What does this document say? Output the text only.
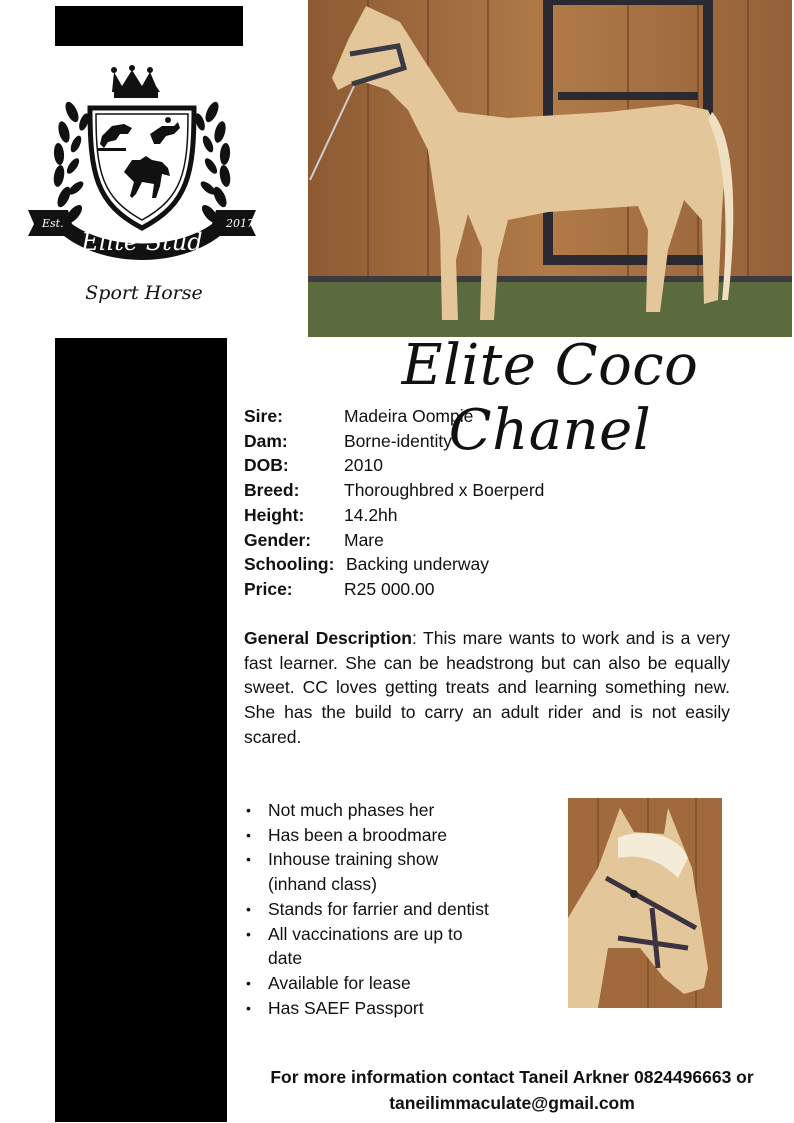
Est.	2017
Elite Stud
Sport Horse
Elite Coco Chanel
Sire:	Madeira Oompie
Dam:	Borne-identity
DOB:	2010
Breed:	Thoroughbred x Boerperd
Height:	14.2hh
Gender:	Mare
Schooling: Backing underway
Price:	R25 000.00
General Description: This mare wants to work and is a very fast learner. She can be headstrong but can also be equally sweet. CC loves getting treats and learning something new. She has the build to carry an adult rider and is not easily scared.
• Not much phases her
• Has been a broodmare
• Inhouse training show (inhand class)
• Stands for farrier and dentist
• All vaccinations are up to date
• Available for lease
• Has SAEF Passport
For more information contact Taneil Arkner 0824496663 or
taneilimmaculate@gmail.com
